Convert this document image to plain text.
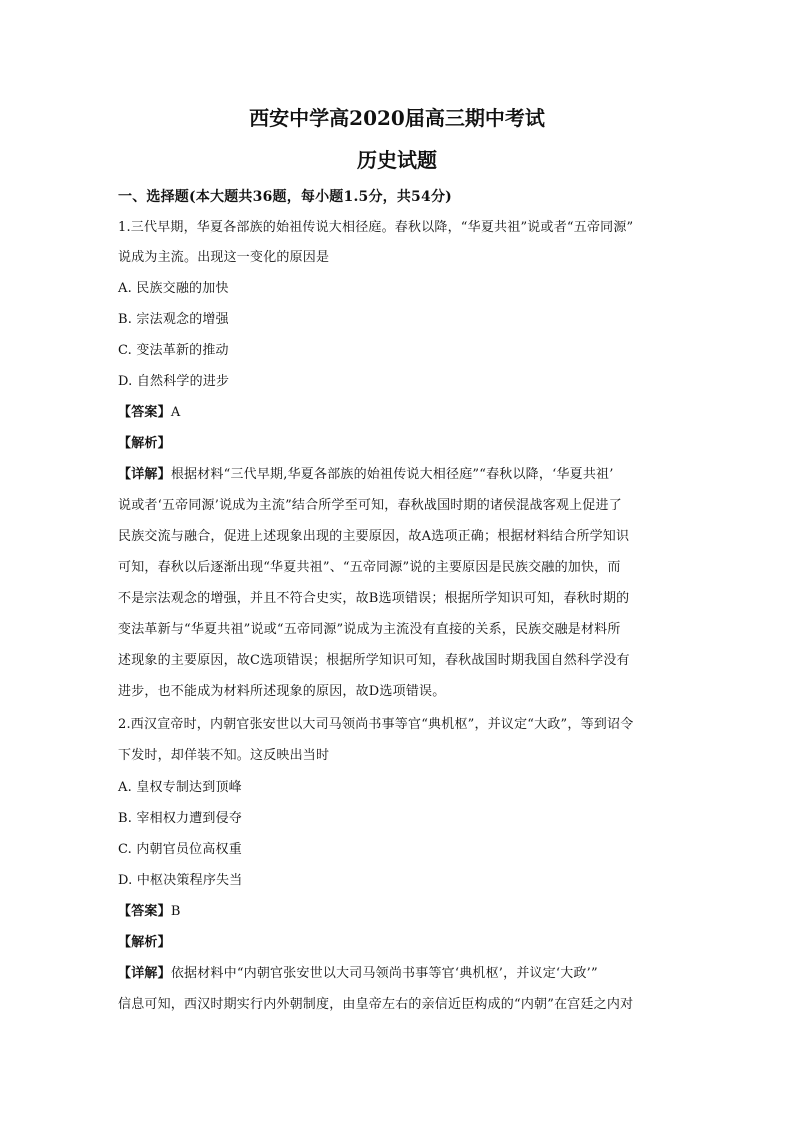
西安中学高2020届高三期中考试
历史试题
一、选择题(本大题共36题，每小题1.5分，共54分)
1.三代早期，华夏各部族的始祖传说大相径庭。春秋以降，“华夏共祖”说或者“五帝同源”
说成为主流。出现这一变化的原因是
A. 民族交融的加快
B. 宗法观念的增强
C. 变法革新的推动
D. 自然科学的进步
【答案】A
【解析】
【详解】根据材料“三代早期,华夏各部族的始祖传说大相径庭”“春秋以降，‘华夏共祖’
说或者‘五帝同源’说成为主流”结合所学至可知，春秋战国时期的诸侯混战客观上促进了
民族交流与融合，促进上述现象出现的主要原因，故A选项正确；根据材料结合所学知识
可知，春秋以后逐渐出现“华夏共祖”、“五帝同源”说的主要原因是民族交融的加快，而
不是宗法观念的增强，并且不符合史实，故B选项错误；根据所学知识可知，春秋时期的
变法革新与“华夏共祖”说或“五帝同源”说成为主流没有直接的关系，民族交融是材料所
述现象的主要原因，故C选项错误；根据所学知识可知，春秋战国时期我国自然科学没有
进步，也不能成为材料所述现象的原因，故D选项错误。
2.西汉宣帝时，内朝官张安世以大司马领尚书事等官“典机枢”，并议定“大政”，等到诏令
下发时，却佯装不知。这反映出当时
A. 皇权专制达到顶峰
B. 宰相权力遭到侵夺
C. 内朝官员位高权重
D. 中枢决策程序失当
【答案】B
【解析】
【详解】依据材料中“内朝官张安世以大司马领尚书事等官‘典机枢’，并议定‘大政’”
信息可知，西汉时期实行内外朝制度，由皇帝左右的亲信近臣构成的“内朝”在宫廷之内对
